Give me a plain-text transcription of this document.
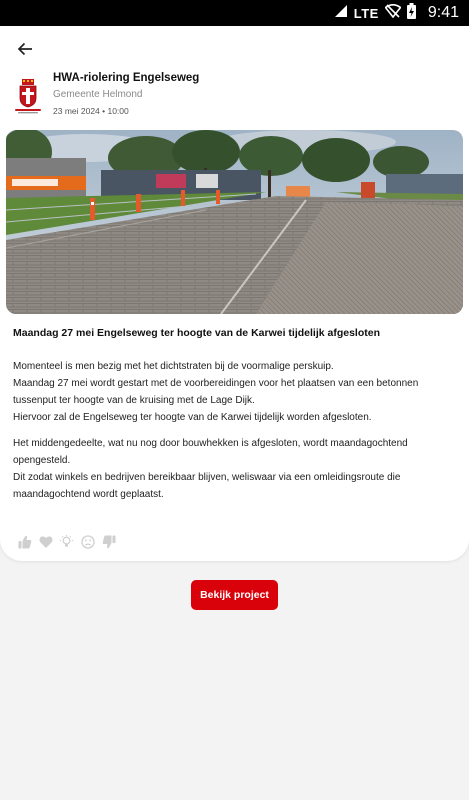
LTE	9:41
HWA-riolering Engelseweg
Gemeente Helmond
23 mei 2024 • 10:00
Maandag 27 mei Engelseweg ter hoogte van de Karwei tijdelijk afgesloten
Momenteel is men bezig met het dichtstraten bij de voormalige perskuip.
Maandag 27 mei wordt gestart met de voorbereidingen voor het plaatsen van een betonnen tussenput ter hoogte van de kruising met de Lage Dijk.
Hiervoor zal de Engelseweg ter hoogte van de Karwei tijdelijk worden afgesloten.
Het middengedeelte, wat nu nog door bouwhekken is afgesloten, wordt maandagochtend opengesteld.
Dit zodat winkels en bedrijven bereikbaar blijven, weliswaar via een omleidingsroute die maandagochtend wordt geplaatst.
Bekijk project
